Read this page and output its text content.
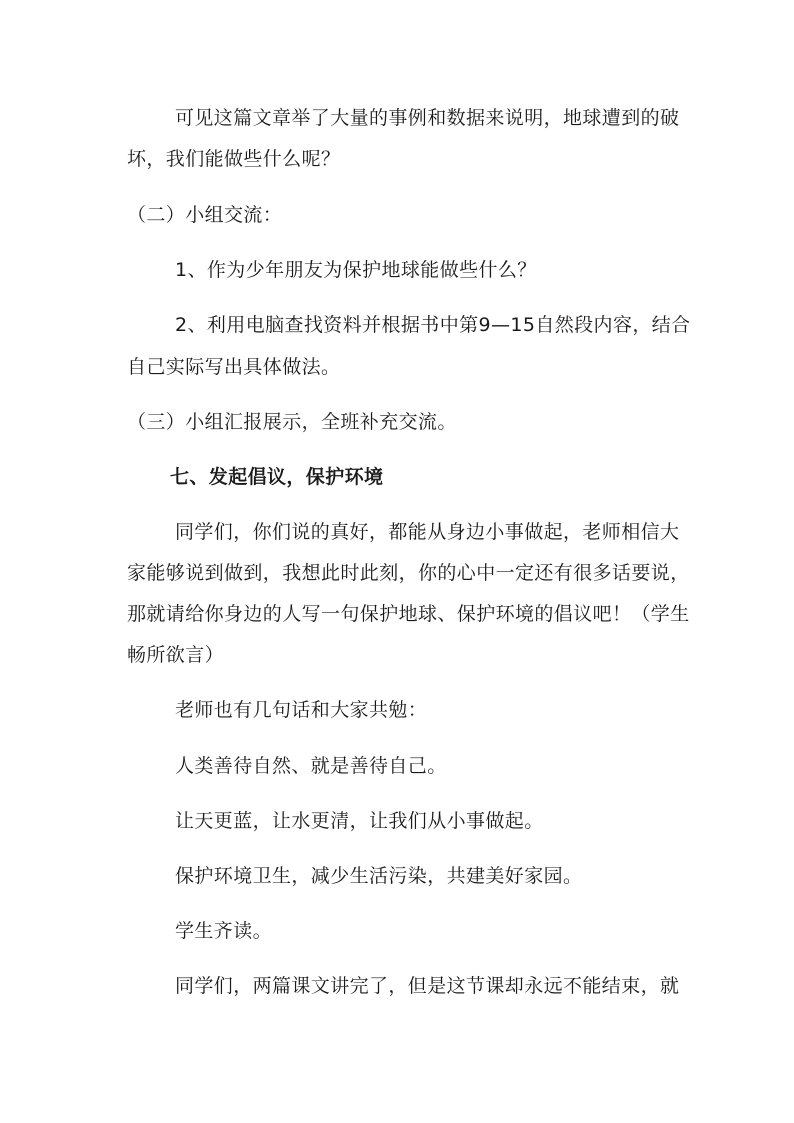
可见这篇文章举了大量的事例和数据来说明，地球遭到的破
坏，我们能做些什么呢？
（二）小组交流：
1、作为少年朋友为保护地球能做些什么？
2、利用电脑查找资料并根据书中第9—15自然段内容，结合
自己实际写出具体做法。
（三）小组汇报展示，全班补充交流。
七、发起倡议，保护环境
同学们，你们说的真好，都能从身边小事做起，老师相信大
家能够说到做到，我想此时此刻，你的心中一定还有很多话要说，
那就请给你身边的人写一句保护地球、保护环境的倡议吧！（学生
畅所欲言）
老师也有几句话和大家共勉：
人类善待自然、就是善待自己。
让天更蓝，让水更清，让我们从小事做起。
保护环境卫生，减少生活污染，共建美好家园。
学生齐读。
同学们，两篇课文讲完了，但是这节课却永远不能结束，就
